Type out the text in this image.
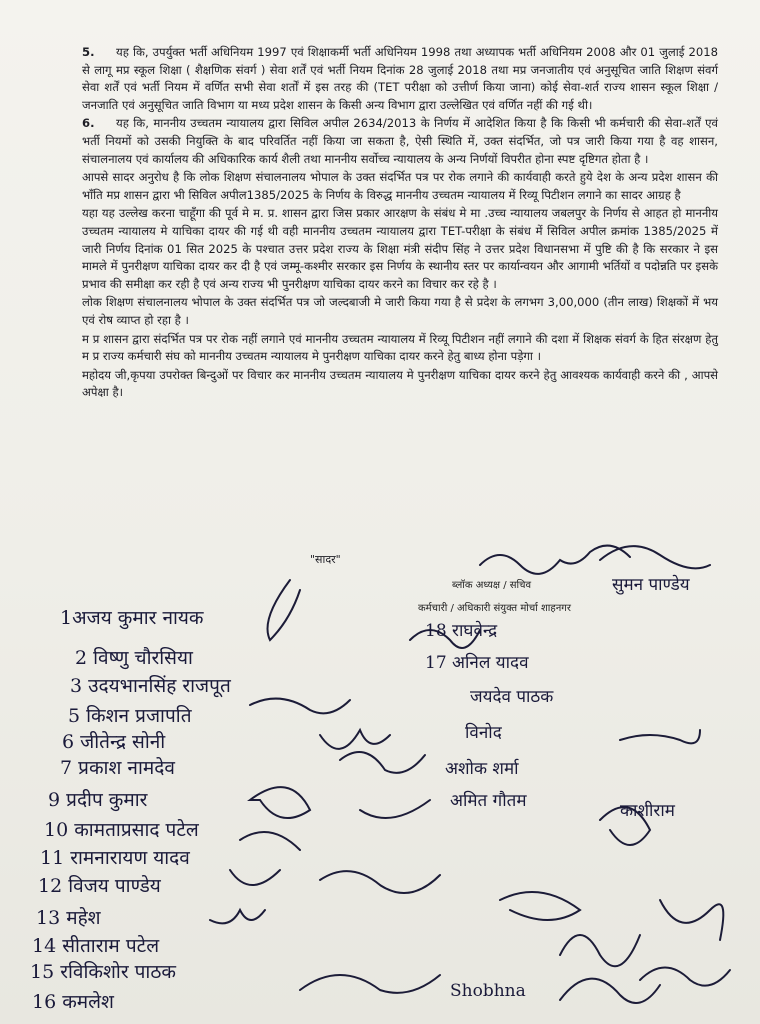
5. यह कि, उपर्युक्त भर्ती अधिनियम 1997 एवं शिक्षाकर्मी भर्ती अधिनियम 1998 तथा अध्यापक भर्ती अधिनियम 2008 और 01 जुलाई 2018 से लागू मप्र स्कूल शिक्षा ( शैक्षणिक संवर्ग ) सेवा शर्तें एवं भर्ती नियम दिनांक 28 जुलाई 2018 तथा मप्र जनजातीय एवं अनुसूचित जाति शिक्षण संवर्ग सेवा शर्तें एवं भर्ती नियम में वर्णित सभी सेवा शर्तों में इस तरह की (TET परीक्षा को उत्तीर्ण किया जाना) कोई सेवा-शर्त राज्य शासन स्कूल शिक्षा / जनजाति एवं अनुसूचित जाति विभाग या मध्य प्रदेश शासन के किसी अन्य विभाग द्वारा उल्लेखित एवं वर्णित नहीं की गई थी।

6. यह कि, माननीय उच्चतम न्यायालय द्वारा सिविल अपील 2634/2013 के निर्णय में आदेशित किया है कि किसी भी कर्मचारी की सेवा-शर्तें एवं भर्ती नियमों को उसकी नियुक्ति के बाद परिवर्तित नहीं किया जा सकता है, ऐसी स्थिति में, उक्त संदर्भित, जो पत्र जारी किया गया है वह शासन, संचालनालय एवं कार्यालय की अधिकारिक कार्य शैली तथा माननीय सर्वोच्च न्यायालय के अन्य निर्णयों विपरीत होना स्पष्ट दृष्टिगत होता है ।

आपसे सादर अनुरोध है कि लोक शिक्षण संचालनालय भोपाल के उक्त संदर्भित पत्र पर रोक लगाने की कार्यवाही करते हुये देश के अन्य प्रदेश शासन की भाँति मप्र शासन द्वारा भी सिविल अपील1385/2025 के निर्णय के विरुद्ध माननीय उच्चतम न्यायालय में रिव्यू पिटीशन लगाने का सादर आग्रह है

यहा यह उल्लेख करना चाहूँगा की पूर्व मे म. प्र. शासन द्वारा जिस प्रकार आरक्षण के संबंध मे मा .उच्च न्यायालय जबलपुर के निर्णय से आहत हो माननीय उच्चतम न्यायालय मे याचिका दायर की गई थी वही माननीय उच्चतम न्यायालय द्वारा TET-परीक्षा के संबंध में सिविल अपील क्रमांक 1385/2025 में जारी निर्णय दिनांक 01 सित 2025 के पश्चात उत्तर प्रदेश राज्य के शिक्षा मंत्री संदीप सिंह ने उत्तर प्रदेश विधानसभा में पुष्टि की है कि सरकार ने इस मामले में पुनरीक्षण याचिका दायर कर दी है एवं जम्मू-कश्मीर सरकार इस निर्णय के स्थानीय स्तर पर कार्यान्वयन और आगामी भर्तियों व पदोन्नति पर इसके प्रभाव की समीक्षा कर रही है एवं अन्य राज्य भी पुनरीक्षण याचिका दायर करने का विचार कर रहे है ।

लोक शिक्षण संचालनालय भोपाल के उक्त संदर्भित पत्र जो जल्दबाजी मे जारी किया गया है से प्रदेश के लगभग 3,00,000 (तीन लाख) शिक्षकों में भय एवं रोष व्याप्त हो रहा है ।

म प्र शासन द्वारा संदर्भित पत्र पर रोक नहीं लगाने एवं माननीय उच्चतम न्यायालय में रिव्यू पिटीशन नहीं लगाने की दशा में शिक्षक संवर्ग के हित संरक्षण हेतु म प्र राज्य कर्मचारी संघ को माननीय उच्चतम न्यायालय मे पुनरीक्षण याचिका दायर करने हेतु बाध्य होना पड़ेगा ।

महोदय जी,कृपया उपरोक्त बिन्दुओं पर विचार कर माननीय उच्चतम न्यायालय मे पुनरीक्षण याचिका दायर करने हेतु आवश्यक कार्यवाही करने की , आपसे अपेक्षा है।

"सादर"
ब्लॉक अध्यक्ष / सचिव
कर्मचारी / अधिकारी संयुक्त मोर्चा शाहनगर
1अजय कुमार नायक
2 विष्णु चौरसिया
3 उदयभानसिंह राजपूत
5 किशन प्रजापति
6 जीतेन्द्र सोनी
7 प्रकाश नामदेव
9 प्रदीप कुमार
10 कामताप्रसाद पटेल
11 रामनारायण यादव
12 विजय पाण्डेय
13 महेश
14 सीताराम पटेल
15 रविकिशोर पाठक
16 कमलेश
सुमन पाण्डेय
18 राघवेन्द्र
17 अनिल यादव
जयदेव पाठक
विनोद
अशोक शर्मा
अमित गौतम	काशीराम
Shobhna
